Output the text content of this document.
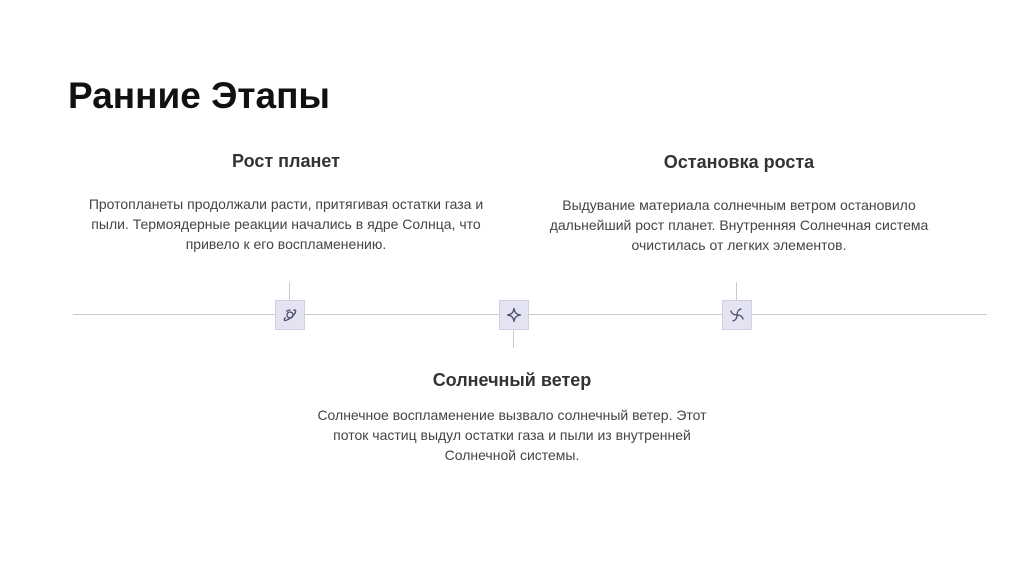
Ранние Этапы
Рост планет

Протопланеты продолжали расти, притягивая остатки газа и пыли. Термоядерные реакции начались в ядре Солнца, что привело к его воспламенению.

Остановка роста

Выдувание материала солнечным ветром остановило дальнейший рост планет. Внутренняя Солнечная система очистилась от легких элементов.

Солнечный ветер

Солнечное воспламенение вызвало солнечный ветер. Этот поток частиц выдул остатки газа и пыли из внутренней Солнечной системы.
